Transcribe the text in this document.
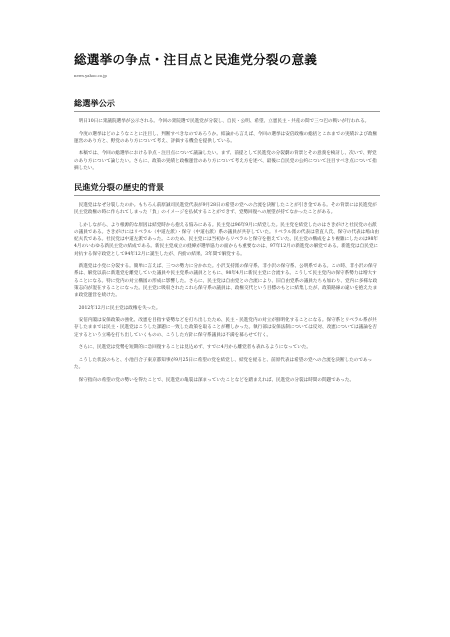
総選挙の争点・注目点と民進党分裂の意義
news.yahoo.co.jp
総選挙公示

明日10日に衆議院選挙が公示される。今回の衆院選で民進党が分裂し、自民・公明、希望、立憲民主・共産の間で三つ巴の戦いが行われる。

今度の選挙はどのようなことに注目し、判断すべきなのであろうか。結論から言えば、今回の選挙は安倍政権の総括とこれまでの実績および政権運営のあり方と、野党のあり方について考え、評価する機会を提供している。

本稿では、今回の総選挙における争点・注目点について議論したい。まず、前提として民進党の分裂劇の背景とその意義を検討し、次いで、野党のあり方について論じたい。さらに、政策の実績と政権運営のあり方について考え方を述べ、最後に自民党の公約について注目すべき点について指摘したい。

民進党分裂の歴史的背景

民進党はなぜ分裂したのか。もちろん前原誠司民進党代表が9月28日の希望の党への合流を決断したことが引き金である。その背景には民進党が民主党政権の時に作られてしまった「負」のイメージを払拭することができず、党勢回復への展望が持てなかったことがある。

しかしながら、より根源的な原因は結党時から抱える悩みにある。民主党は96年9月に結党した。民主党を結党したのはさきがけと社民党の右派の議員である。さきがけにはリベラル（中道左派）・保守（中道右派）系の議員が共存していた。リベラル派の代表は菅直人氏、保守の代表は鳩山由紀夫氏である。社民党は中道左派であった。このため、民主党には当初からリベラルと保守を抱えていた。民主党の構成をより複雑にしたのは98年4月のいわゆる新民主党の結成である。新民主党成立の経緯が選挙協力の面からも重要なのは、97年12月の新進党の解党である。新進党は自民党に対抗する保守政党として94年12月に誕生したが、内紛の結果、3年間で解党する。

新進党は小党に分裂する。簡単に言えば、三つの勢力に分かれた。小沢支持派の保守系、非小沢の保守系、公明系である。この時、非小沢の保守系は、解党以前に新進党を離党していた議員や民主党系の議員とともに、98年4月に新民主党に合流する。こうして民主党内の保守系勢力は増大することになる。特に党内の対立構図の形成に影響した。さらに、民主党は自由党との合流により、旧自由党系の議員たちも加わり、党内に多様な政策志向が混在することになった。民主党に吸収されたこれら保守系の議員は、政権交代という目標のもとに結集したが、政策路線の違いを抱えたまま政党運営を続けた。

2012年12月に民主党は政権を失った。

安倍内閣は安保政策の強化、改憲を目指す姿勢などを打ち出したため、民主・民進党内の対立が鮮明化することになる。保守系とリベラル系が共存したままでは民主・民進党はこうした課題に一致した政策を取ることが難しかった。執行部は安保法制については反対、改憲については議論を否定するという立場を打ち出していくものの、こうした方針に保守系議員は不満を募らせて行く。

さらに、民進党は党勢を短期的に急回復することは見込めず、すでに4月から離党者も表れるようになっていた。

こうした状況のもと、小池百合子東京都知事が9月25日に希望の党を結党し、結党を経ると、前原代表は希望の党への合流を決断したのであった。

保守指向の希望の党の勢いを得たことで、民進党の亀裂は深まっていたことなどを踏まえれば、民進党の分裂は時間の問題であった。
